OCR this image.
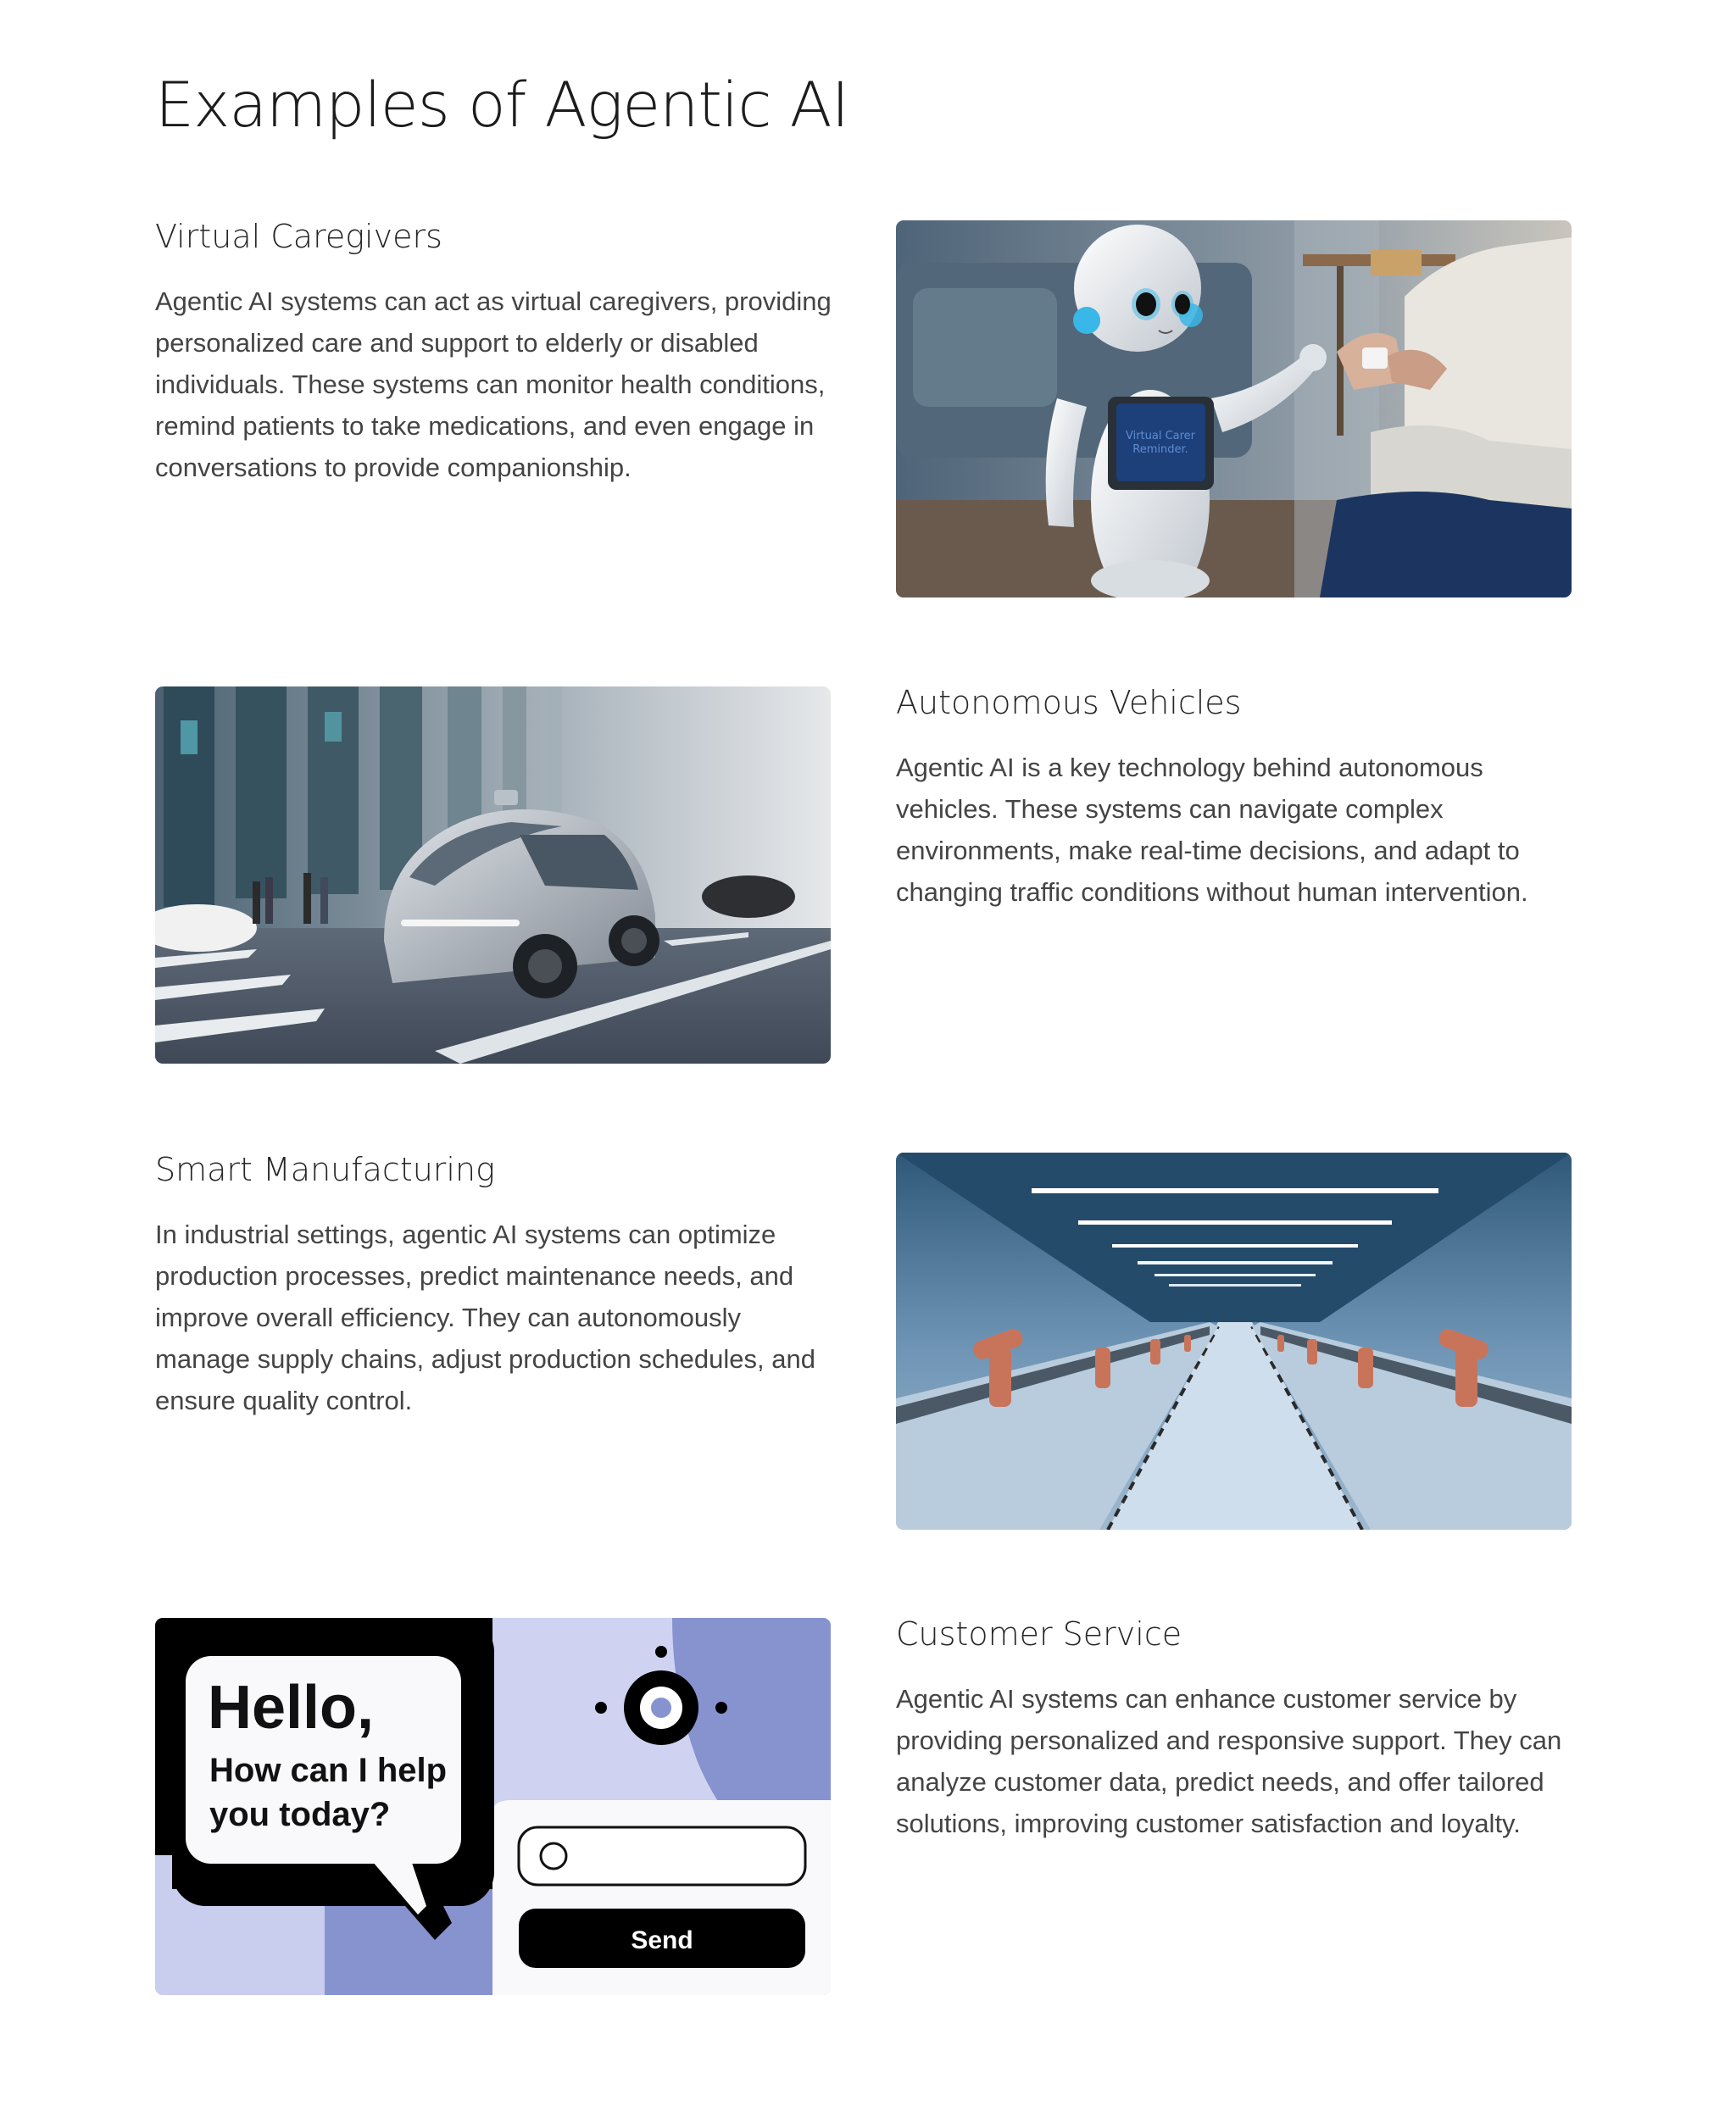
Examples of Agentic AI
Virtual Caregivers

Agentic AI systems can act as virtual caregivers, providing personalized care and support to elderly or disabled individuals. These systems can monitor health conditions, remind patients to take medications, and even engage in conversations to provide companionship.

Virtual Carer
Reminder.
Autonomous Vehicles

Agentic AI is a key technology behind autonomous vehicles. These systems can navigate complex environments, make real-time decisions, and adapt to changing traffic conditions without human intervention.

Smart Manufacturing

In industrial settings, agentic AI systems can optimize production processes, predict maintenance needs, and improve overall efficiency. They can autonomously manage supply chains, adjust production schedules, and ensure quality control.

Hello,
How can I help
you today?
Send
Customer Service

Agentic AI systems can enhance customer service by providing personalized and responsive support. They can analyze customer data, predict needs, and offer tailored solutions, improving customer satisfaction and loyalty.
